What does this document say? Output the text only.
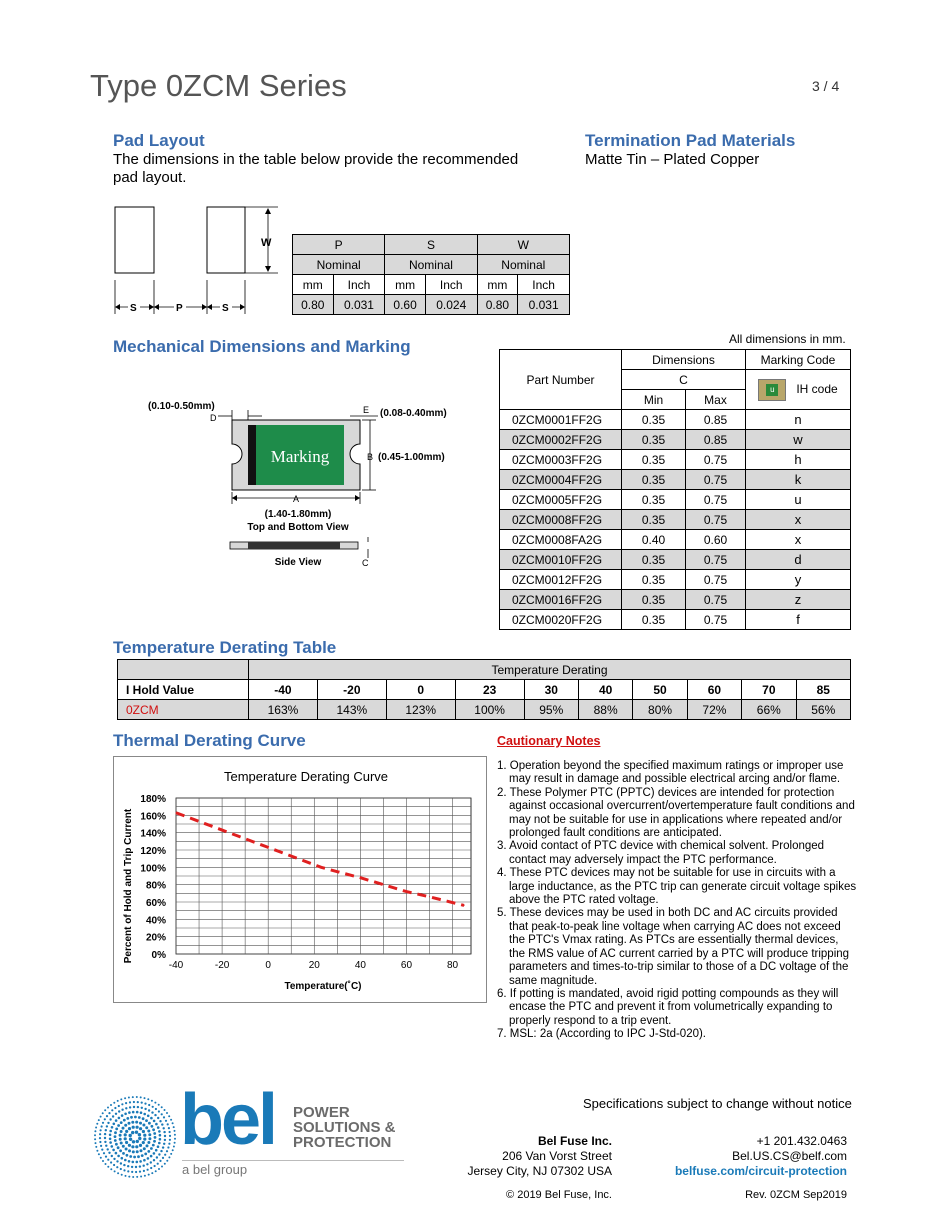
Type 0ZCM Series	3 / 4
Pad Layout
The dimensions in the table below provide the recommended pad layout.
W
S	P	S
P		S		W	
Nominal		Nominal		Nominal	
mm	Inch	mm	Inch	mm	Inch
0.80	0.031	0.60	0.024	0.80	0.031
Termination Pad Materials
Matte Tin – Plated Copper
Mechanical Dimensions and Marking	All dimensions in mm.
Marking
(0.10-0.50mm)
D
E (0.08-0.40mm)
B (0.45-1.00mm)
A
(1.40-1.80mm)
Top and Bottom View
C
Side View
Part Number	Dimensions		Marking Code
	C		u IH code
	Min	Max	
0ZCM0001FF2G	0.35	0.85	n
0ZCM0002FF2G	0.35	0.85	w
0ZCM0003FF2G	0.35	0.75	h
0ZCM0004FF2G	0.35	0.75	k
0ZCM0005FF2G	0.35	0.75	u
0ZCM0008FF2G	0.35	0.75	x
0ZCM0008FA2G	0.40	0.60	x
0ZCM0010FF2G	0.35	0.75	d
0ZCM0012FF2G	0.35	0.75	y
0ZCM0016FF2G	0.35	0.75	z
0ZCM0020FF2G	0.35	0.75	f
Temperature Derating Table
	Temperature Derating									
I Hold Value	-40	-20	0	23	30	40	50	60	70	85
0ZCM	163%	143%	123%	100%	95%	88%	80%	72%	66%	56%
Thermal Derating Curve
Temperature Derating Curve
Percent of Hold and Trip Current
Temperature(˚C)
-40	-20	0	20	40	60	80
0%
20%
40%
60%
80%
100%
120%
140%
160%
180%
Cautionary Notes
1. Operation beyond the specified maximum ratings or improper use may result in damage and possible electrical arcing and/or flame.
2. These Polymer PTC (PPTC) devices are intended for protection against occasional overcurrent/overtemperature fault conditions and may not be suitable for use in applications where repeated and/or prolonged fault conditions are anticipated.
3. Avoid contact of PTC device with chemical solvent. Prolonged contact may adversely impact the PTC performance.
4. These PTC devices may not be suitable for use in circuits with a large inductance, as the PTC trip can generate circuit voltage spikes above the PTC rated voltage.
5. These devices may be used in both DC and AC circuits provided that peak-to-peak line voltage when carrying AC does not exceed the PTC's Vmax rating. As PTCs are essentially thermal devices, the RMS value of AC current carried by a PTC will produce tripping parameters and times-to-trip similar to those of a DC voltage of the same magnitude.
6. If potting is mandated, avoid rigid potting compounds as they will encase the PTC and prevent it from volumetrically expanding to properly respond to a trip event.
7. MSL: 2a (According to IPC J-Std-020).
Specifications subject to change without notice
bel POWER
SOLUTIONS &
PROTECTION
a bel group
Bel Fuse Inc.
206 Van Vorst Street
Jersey City, NJ 07302 USA
+1 201.432.0463
Bel.US.CS@belf.com
belfuse.com/circuit-protection
© 2019 Bel Fuse, Inc.	Rev. 0ZCM Sep2019
